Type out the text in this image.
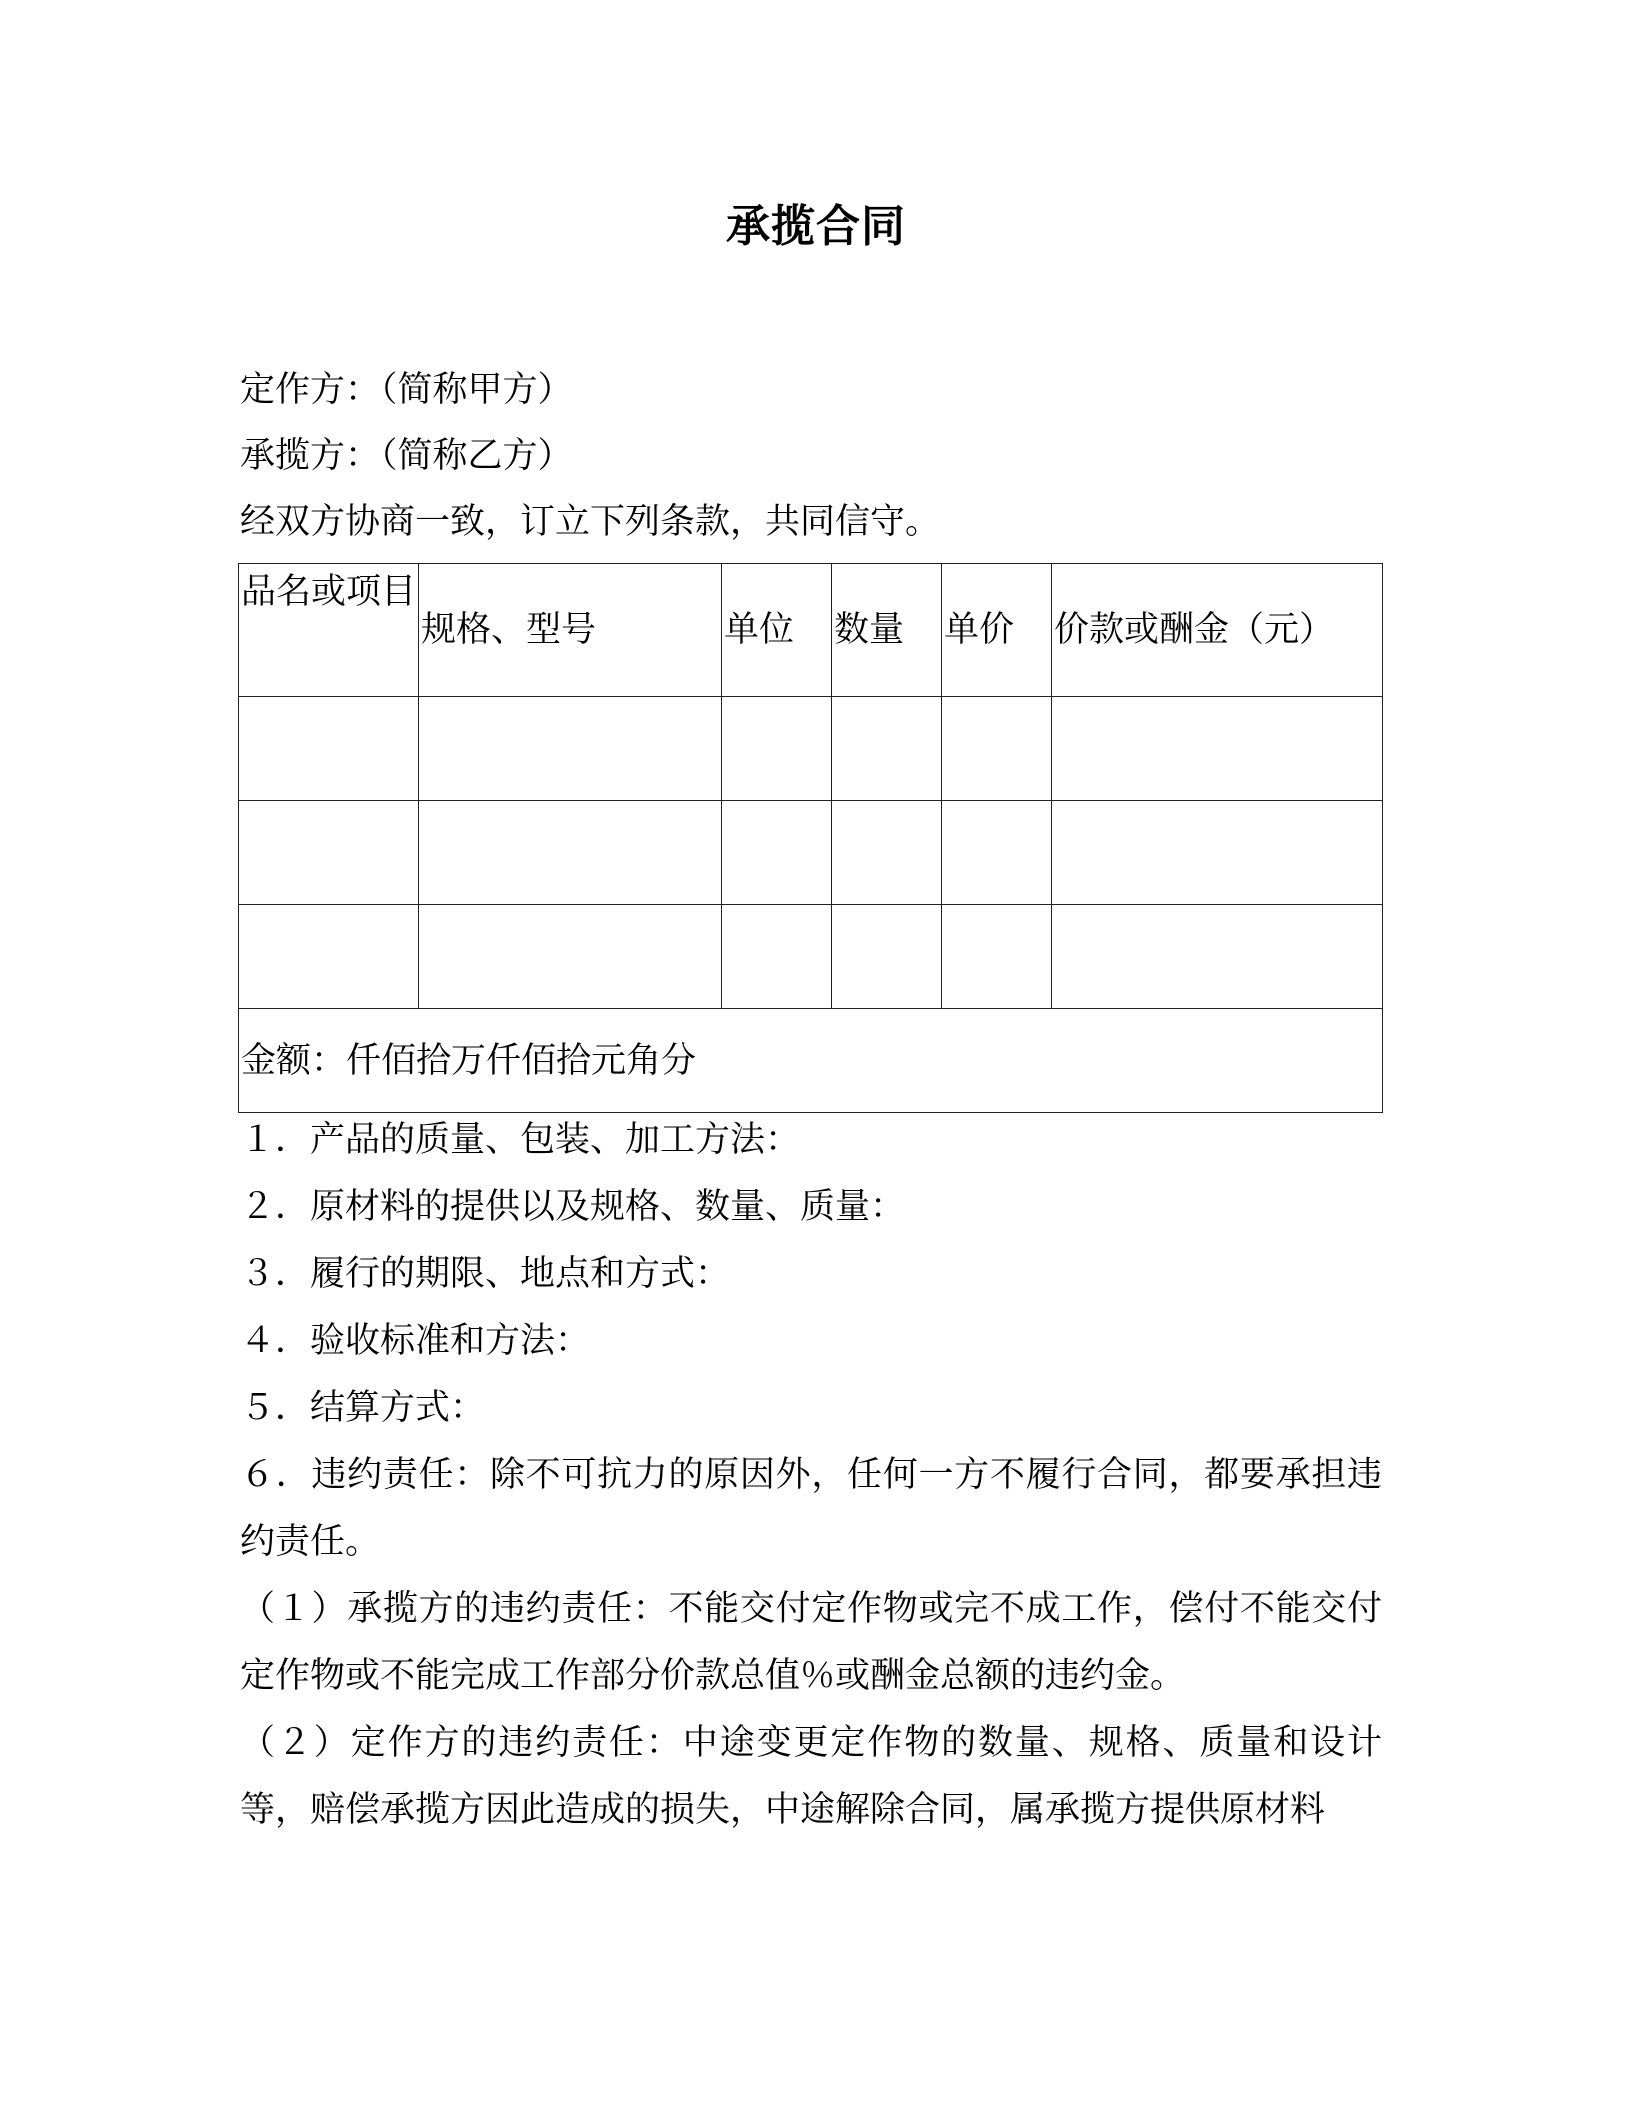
承揽合同
定作方：（简称甲方）
承揽方：（简称乙方）
经双方协商一致，订立下列条款，共同信守。
品名或项目	规格、型号	单位	数量	单价	价款或酬金（元）

金额：仟佰拾万仟佰拾元角分					
１．产品的质量、包装、加工方法：
２．原材料的提供以及规格、数量、质量：
３．履行的期限、地点和方式：
４．验收标准和方法：
５．结算方式：
６．违约责任：除不可抗力的原因外，任何一方不履行合同，都要承担违约责任。
（１）承揽方的违约责任：不能交付定作物或完不成工作，偿付不能交付定作物或不能完成工作部分价款总值％或酬金总额的违约金。
（２）定作方的违约责任：中途变更定作物的数量、规格、质量和设计等，赔偿承揽方因此造成的损失，中途解除合同，属承揽方提供原材料
